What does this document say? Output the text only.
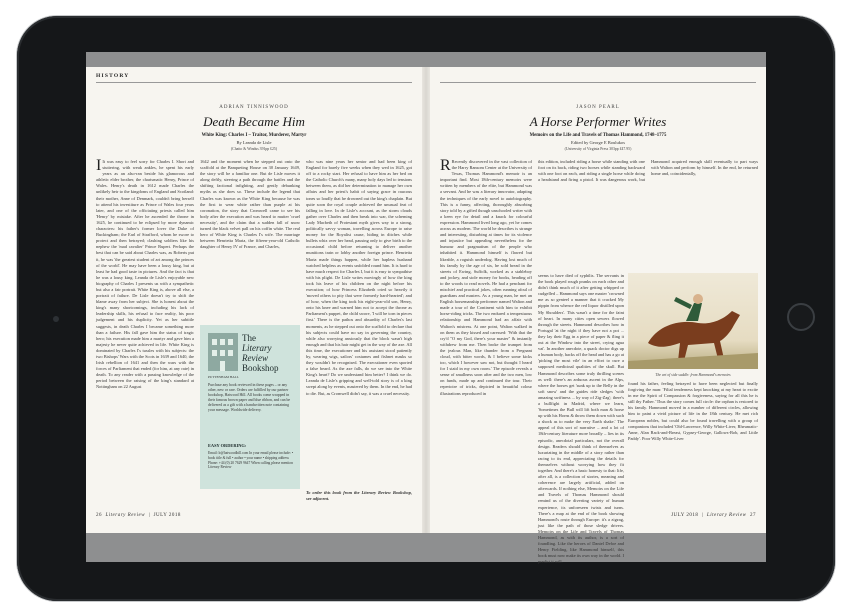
HISTORY
ADRIAN TINNISWOOD
Death Became Him
White King: Charles I – Traitor, Murderer, Martyr
By Leanda de Lisle
(Chatto & Windus 391pp £25)
I It was easy to feel sorry for Charles I. Short and stuttering, with weak ankles, he spent his early years as an also-ran beside his glamorous and athletic elder brother, the charismatic Henry, Prince of Wales. Henry's death in 1612 made Charles the unlikely heir to the kingdoms of England and Scotland: their mother, Anne of Denmark, couldn't bring herself to attend his investiture as Prince of Wales four years later, and one of the officiating priests called him 'Henry' by mistake. After he ascended the throne in 1625, he continued to be eclipsed by more dynamic characters: his father's former lover the Duke of Buckingham; the Earl of Strafford, whom he swore to protect and then betrayed; clashing soldiers like his nephew the 'mad cavalier' Prince Rupert. Perhaps the best that can be said about Charles was, as Roberts put it, he was 'the greatest student of art among the princes of the world'. He may have been a lousy king, but at least he had good taste in pictures. And the fact is that he was a lousy king. Leanda de Lisle's enjoyable new biography of Charles I presents us with a sympathetic but also a fair portrait. White King is, above all else, a portrait of failure. De Lisle doesn't try to shift the blame away from her subject. She is honest about the king's many shortcomings, including his lack of leadership skills, his refusal to face reality, his poor judgement and his duplicity. Yet as her subtitle suggests, in death Charles I became something more than a failure. His fall gave him the status of tragic hero; his execution made him a martyr and gave him a majesty he never quite achieved in life. White King is dominated by Charles I's tussles with his subjects: the two Bishops' Wars with the Scots in 1639 and 1640, the Irish rebellion of 1641 and then the wars with the forces of Parliament that ended (for him, at any rate) in death. To any reader with a passing knowledge of the period between the raising of the king's standard at Nottingham on 22 August
1642 and the moment when he stepped out onto the scaffold at the Banqueting House on 30 January 1649, the story will be a familiar one. But de Lisle moves it along deftly, steering a path through the battles and the shifting factional infighting, and gently debunking myths as she does so. These include the legend that Charles was known as the White King because he was the first to wear white rather than purple at his coronation, the story that Cromwell came to see his body after the execution and was heard to mutter 'cruel necessity', and the claim that a sudden fall of snow turned the black velvet pall on his coffin white. The real hero of White King is Charles I's wife. The marriage between Henrietta Maria, the fifteen-year-old Catholic daughter of Henry IV of France, and Charles,
who was nine years her senior and had been king of England for barely five weeks when they wed in 1625, got off to a rocky start. Her refusal to have him as her bed on the Catholic Church's many, many holy days led to tensions between them, as did her determination to manage her own affairs and her priest's habit of saying grace in raucous tones so loudly that he drowned out the king's chaplain. But quite soon the royal couple achieved the unusual feat of falling in love. In de Lisle's account, as the storm clouds gather over Charles and then break into war, the scheming Lady Macbeth of Protestant myth gives way to a strong, politically savvy woman, travelling across Europe to raise money for the Royalist cause, hiding in ditches while bullets whiz over her head, pausing only to give birth to the occasional child before returning to deliver another munitions train or lobby another foreign prince. Henrietta Maria made things happen, while her hapless husband watched helpless as events unfolded round him. It is hard to have much respect for Charles I, but it is easy to sympathise with his plight. De Lisle writes movingly of how the king took his leave of his children on the night before his execution; of how Princess Elizabeth cried so heavily it 'moved others to pity that were formerly hard-hearted'; and of how, when the king took his eight-year-old son, Henry, onto his knee and warned him not to accept the throne as Parliament's puppet, the child swore, 'I will be torn in pieces first.' There is the pathos and absurdity of Charles's last moments, as he stepped out onto the scaffold to declare that his subjects could have no say in governing the country, while also worrying anxiously that the block wasn't high enough and that his hair might get in the way of the axe. All this time, the executioner and his assistant stood patiently by, wearing wigs, sailors' costumes and fishnet masks so they wouldn't be recognised. The executioner even sported a false beard. As the axe falls, do we see into the White King's heart? Do we understand him better? I think we do. Leanda de Lisle's gripping and well-told story is of a king swept along by events, mastered by them. In the end, he had to die. But, as Cromwell didn't say, it was a cruel necessity.
To order this book from the Literary Review Bookshop, see adjacent.
The
Literary
Review
Bookshop
PUTTENHAM HALL
Purchase any book reviewed in these pages – or any other, new or rare. Orders are fulfilled by our partner bookshop, Hatwood Hill. All books come wrapped in their famous brown paper and blue ribbon, and can be delivered as a gift with a handwritten note containing your message. Worldwide delivery.
EASY ORDERING:
Email: lr@hatwoodhill.com In your email please include: • book title & full • author • your name • shipping address Phone: +44 (0) 20 7629 9647 When calling please mention Literary Review
26 Literary Review  |  JULY 2018
JASON PEARL
A Horse Performer Writes
Memoirs on the Life and Travels of Thomas Hammond, 1748–1775
Edited by George E Boulukos
(University of Virginia Press 303pp £47.95)
R Recently discovered in the vast collection of the Harry Ransom Center at the University of Texas, Thomas Hammond's memoir is an important find. Most 18th-century memoirs were written by members of the elite, but Hammond was a servant. And he was a literary innovator, adapting the techniques of the early novel to autobiography. This is a funny, affecting, thoroughly absorbing story told by a gifted though unschooled writer with a keen eye for detail and a knack for colourful expression. Hammond lived long ago, yet he comes across as modern. The world he describes is strange and interesting, disturbing at times for its violence and injustice but appealing nevertheless for the humour and pragmatism of the people who inhabited it. Hammond himself is flawed but likeable, a roguish underdog. Having lost much of his family by the age of six, he sold bread in the streets of Ewing, Suffolk, worked as a stableboy and jockey, and stole money for books, heading off to the woods to read novels. He had a penchant for mischief and practical jokes, often running afoul of guardians and masters. As a young man, he met an English horsemanship performer named Walton and made a tour of the Continent with him to exhibit horse-riding tricks. The two endured a tempestuous relationship and Hammond had an affair with Walton's mistress. At one point, Walton walked in on them as they kissed and caressed: 'With that the cry'd "O my God, there's your master" & instantly withdrew from me. Then broke the trumpet from the jealous Man, like thunder from a Pregnant cloud, with bitter words, & I believe some kicks too, which I however saw not, but thought I heard for I staid in my own room.' The episode reveals a sense of smallness soon after and the two men, low on funds, made up and continued the tour. Their repertoire of tricks, depicted in beautiful colour illustrations reproduced in
this edition, included riding a horse while standing with one foot on its back, riding two horses while standing backward with one foot on each, and riding a single horse while doing a headstand and firing a pistol. It was dangerous work, but Hammond acquired enough skill eventually to part ways with Walton and perform by himself. In the end, he returned home and, coincidentally,
The art of side saddle: from Hammond's memoirs
found his father, feeling betrayed to have been neglected but finally forgiving the man: 'Filial tenderness kept knocking at my heart to excite in me the Spirit of Compassion & forgiveness, saying for all this he is still thy Father.' Thus the story comes full circle: the orphan is restored to his family. Hammond moved in a number of different circles, allowing him to paint a vivid picture of life in the 18th century. He met rich European nobles, but could also be found travelling with a group of companions that included 'Old-Lawrence, Willy White-Liver, Rheumatic-Anne, Alan Rack-and-Breast, Gypsey-George, Gallows-Bob, and Little Paddy'. Poor Willy White-Liver
seems to have died of syphilis. The servants in the book played rough pranks on each other and didn't think much of it after getting whipped or cudgelled – Hammond says one master 'crowned me as so genteel a manner that it cracked My pippin from whence the red liquor distilled upon My Shoulders'. This wasn't a time for the faint of heart. In many cities open sewers flowed through the streets. Hammond describes how in Portugal 'at the night if they have not a pot ... they lay their Egg in a piece of paper & fling it out at the Window into the street, crying agua vai'. In another anecdote, a quack doctor digs up a human body, hacks off the head and has a go at 'picking the most vile' in an effort to cure a supposed medicinal qualities of the skull. But Hammond describes some truly thrilling scenes as well: there's an arduous ascent in the Alps, where the horses get 'sunk up to the Belly in the soft snow' and the guides ride sledges 'with amazing swiftness ... by way of Zig-Zag'; there's a bullfight in Madrid, where we learn, 'Sometimes the Bull will lift both man & horse up with his Horns & throw them down with such a shock as to make the very Earth shake.' The appeal of this sort of narrative – and a lot of 18th-century literature more broadly – lies in its episodic, anecdotal particulars, not the overall design. Readers should think of themselves as luxuriating in the middle of a story rather than racing to its end, appreciating the details for themselves without worrying how they fit together. And there's a basic honesty to that: life, after all, is a collection of stories, meaning and coherence are largely artificial, added on afterwards. If nothing else, Memoirs on the Life and Travels of Thomas Hammond should remind us of the diverting variety of human experience, its unforeseen twists and turns. There's a map at the end of the book showing Hammond's route through Europe: it's a zigzag, just like the path of those sledge drivers. Memoirs on the Life and Travels of Thomas Hammond, as with its author, is a sort of foundling. Like the heroes of Daniel Defoe and Henry Fielding, like Hammond himself, this book must now make its own way in the world. I predict it will.
JULY 2018  |  Literary Review 27
